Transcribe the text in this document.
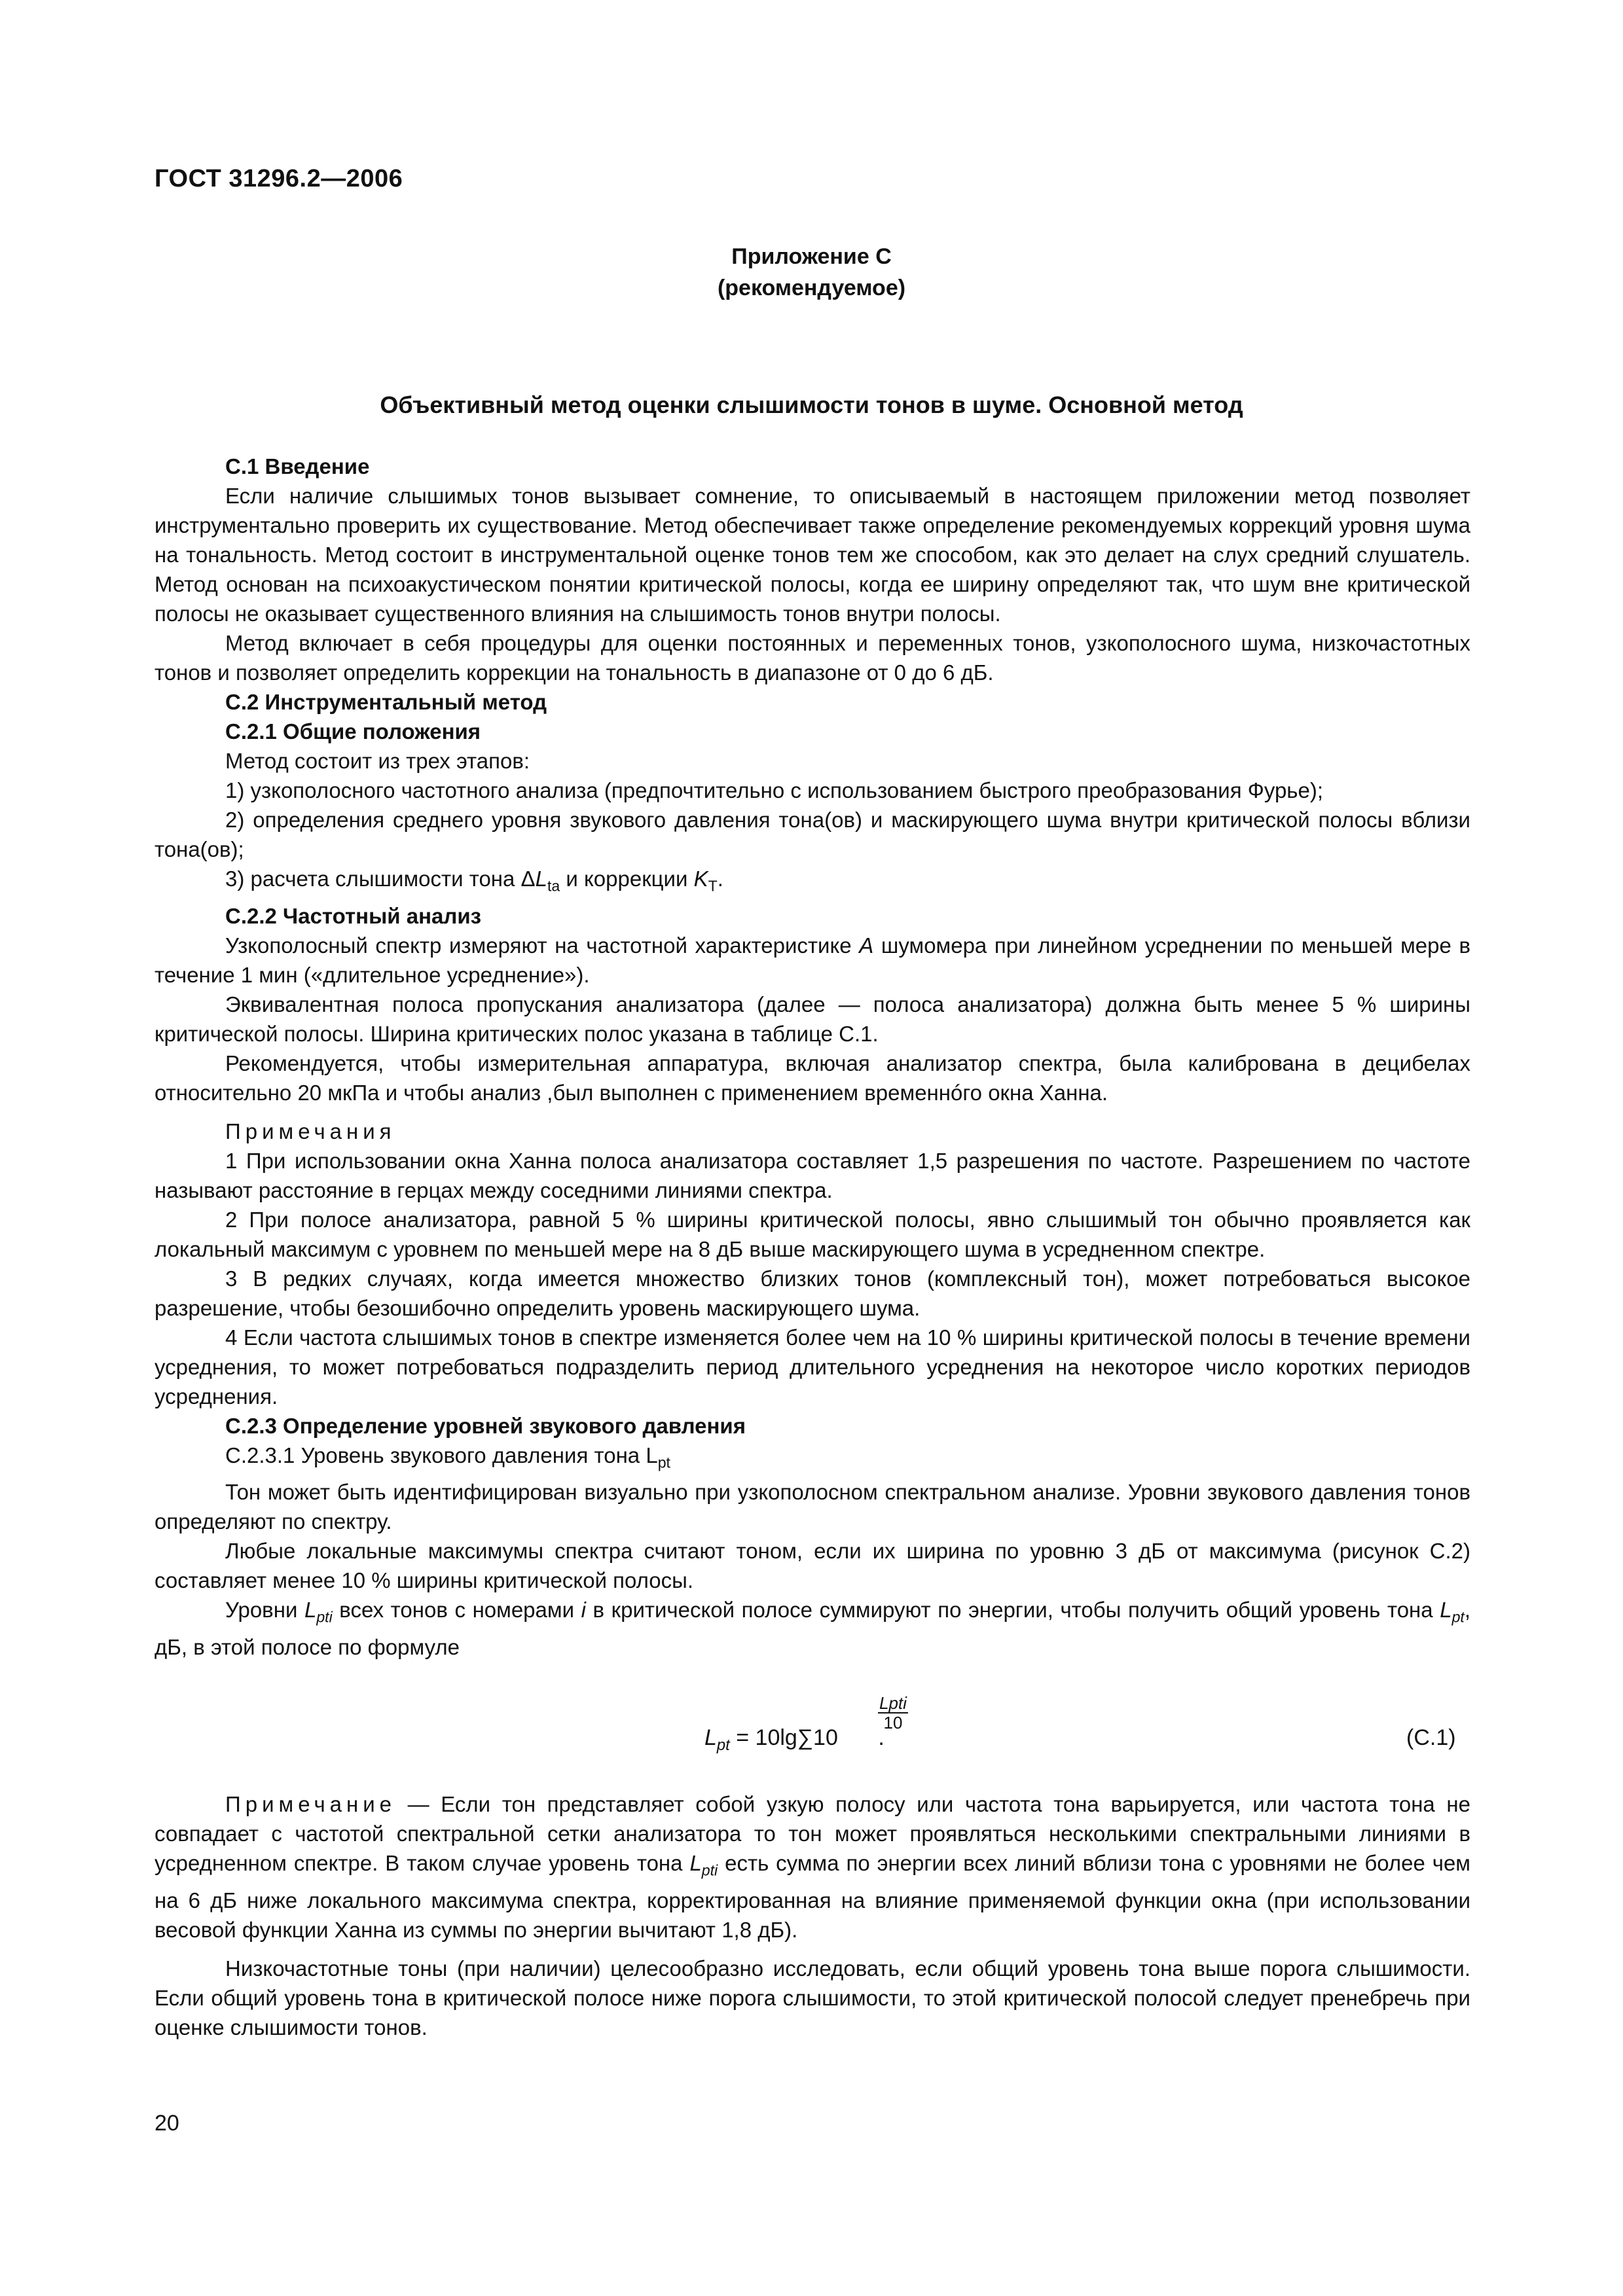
ГОСТ 31296.2—2006
Приложение С
(рекомендуемое)
Объективный метод оценки слышимости тонов в шуме. Основной метод

С.1 Введение

Если наличие слышимых тонов вызывает сомнение, то описываемый в настоящем приложении метод позволяет инструментально проверить их существование. Метод обеспечивает также определение рекомендуемых коррекций уровня шума на тональность. Метод состоит в инструментальной оценке тонов тем же способом, как это делает на слух средний слушатель. Метод основан на психоакустическом понятии критической полосы, когда ее ширину определяют так, что шум вне критической полосы не оказывает существенного влияния на слышимость тонов внутри полосы.

Метод включает в себя процедуры для оценки постоянных и переменных тонов, узкополосного шума, низкочастотных тонов и позволяет определить коррекции на тональность в диапазоне от 0 до 6 дБ.

С.2 Инструментальный метод

С.2.1 Общие положения

Метод состоит из трех этапов:

1) узкополосного частотного анализа (предпочтительно с использованием быстрого преобразования Фурье);

2) определения среднего уровня звукового давления тона(ов) и маскирующего шума внутри критической полосы вблизи тона(ов);

3) расчета слышимости тона $\Delta L_{ta}$ и коррекции $K_T$.

С.2.2 Частотный анализ

Узкополосный спектр измеряют на частотной характеристике А шумомера при линейном усреднении по меньшей мере в течение 1 мин («длительное усреднение»).

Эквивалентная полоса пропускания анализатора (далее — полоса анализатора) должна быть менее 5 % ширины критической полосы. Ширина критических полос указана в таблице С.1.

Рекомендуется, чтобы измерительная аппаратура, включая анализатор спектра, была калибрована в децибелах относительно 20 мкПа и чтобы анализ ,был выполнен с применением временнóго окна Ханна.

Примечания

1 При использовании окна Ханна полоса анализатора составляет 1,5 разрешения по частоте. Разрешением по частоте называют расстояние в герцах между соседними линиями спектра.

2 При полосе анализатора, равной 5 % ширины критической полосы, явно слышимый тон обычно проявляется как локальный максимум с уровнем по меньшей мере на 8 дБ выше маскирующего шума в усредненном спектре.

3 В редких случаях, когда имеется множество близких тонов (комплексный тон), может потребоваться высокое разрешение, чтобы безошибочно определить уровень маскирующего шума.

4 Если частота слышимых тонов в спектре изменяется более чем на 10 % ширины критической полосы в течение времени усреднения, то может потребоваться подразделить период длительного усреднения на некоторое число коротких периодов усреднения.

С.2.3 Определение уровней звукового давления

С.2.3.1 Уровень звукового давления тона $L_{pt}$

Тон может быть идентифицирован визуально при узкополосном спектральном анализе. Уровни звукового давления тонов определяют по спектру.

Любые локальные максимумы спектра считают тоном, если их ширина по уровню 3 дБ от максимума (рисунок С.2) составляет менее 10 % ширины критической полосы.

Уровни $L_{pti}$ всех тонов с номерами i в критической полосе суммируют по энергии, чтобы получить общий уровень тона $L_{pt}$, дБ, в этой полосе по формуле

$L_{pt} = 10\lg\sum 10$ .
$\frac{\text{Lpti}}{10}$
(С.1)

Примечание — Если тон представляет собой узкую полосу или частота тона варьируется, или частота тона не совпадает с частотой спектральной сетки анализатора то тон может проявляться несколькими спектральными линиями в усредненном спектре. В таком случае уровень тона $L_{pti}$ есть сумма по энергии всех линий вблизи тона с уровнями не более чем на 6 дБ ниже локального максимума спектра, корректированная на влияние применяемой функции окна (при использовании весовой функции Ханна из суммы по энергии вычитают 1,8 дБ).

Низкочастотные тоны (при наличии) целесообразно исследовать, если общий уровень тона выше порога слышимости. Если общий уровень тона в критической полосе ниже порога слышимости, то этой критической полосой следует пренебречь при оценке слышимости тонов.

20
